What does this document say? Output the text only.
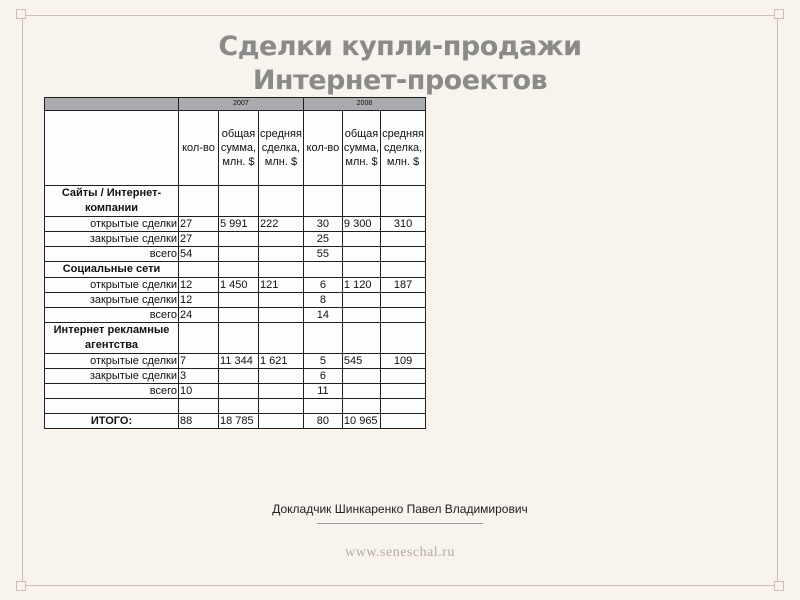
Сделки купли-продажи
Интернет-проектов
	2007			2008		
	кол-во	общая сумма, млн. $	средняя сделка, млн. $	кол-во	общая сумма, млн. $	средняя сделка, млн. $
Сайты / Интернет-компании						
открытые сделки	27	5 991	222	30	9 300	310
закрытые сделки	27			25		
всего	54			55		
Социальные сети						
открытые сделки	12	1 450	121	6	1 120	187
закрытые сделки	12			8		
всего	24			14		
Интернет рекламные агентства						
открытые сделки	7	11 344	1 621	5	545	109
закрытые сделки	3			6		
всего	10			11		

ИТОГО:	88	18 785		80	10 965	
Докладчик Шинкаренко Павел Владимирович
www.seneschal.ru
